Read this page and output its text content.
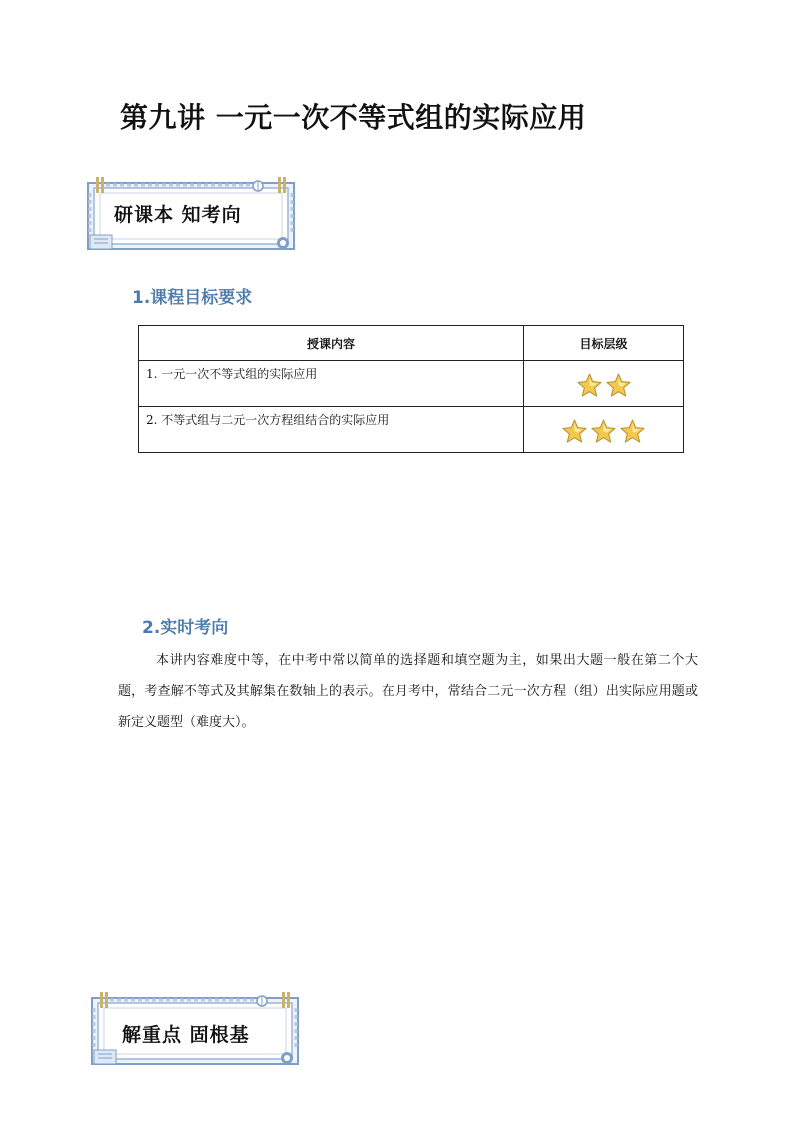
第九讲 一元一次不等式组的实际应用
研课本 知考向
1.课程目标要求
授课内容	目标层级
1. 一元一次不等式组的实际应用	
2. 不等式组与二元一次方程组结合的实际应用	
2.实时考向
本讲内容难度中等，在中考中常以简单的选择题和填空题为主，如果出大题一般在第二个大题，考查解不等式及其解集在数轴上的表示。在月考中，常结合二元一次方程（组）出实际应用题或新定义题型（难度大）。
解重点 固根基
